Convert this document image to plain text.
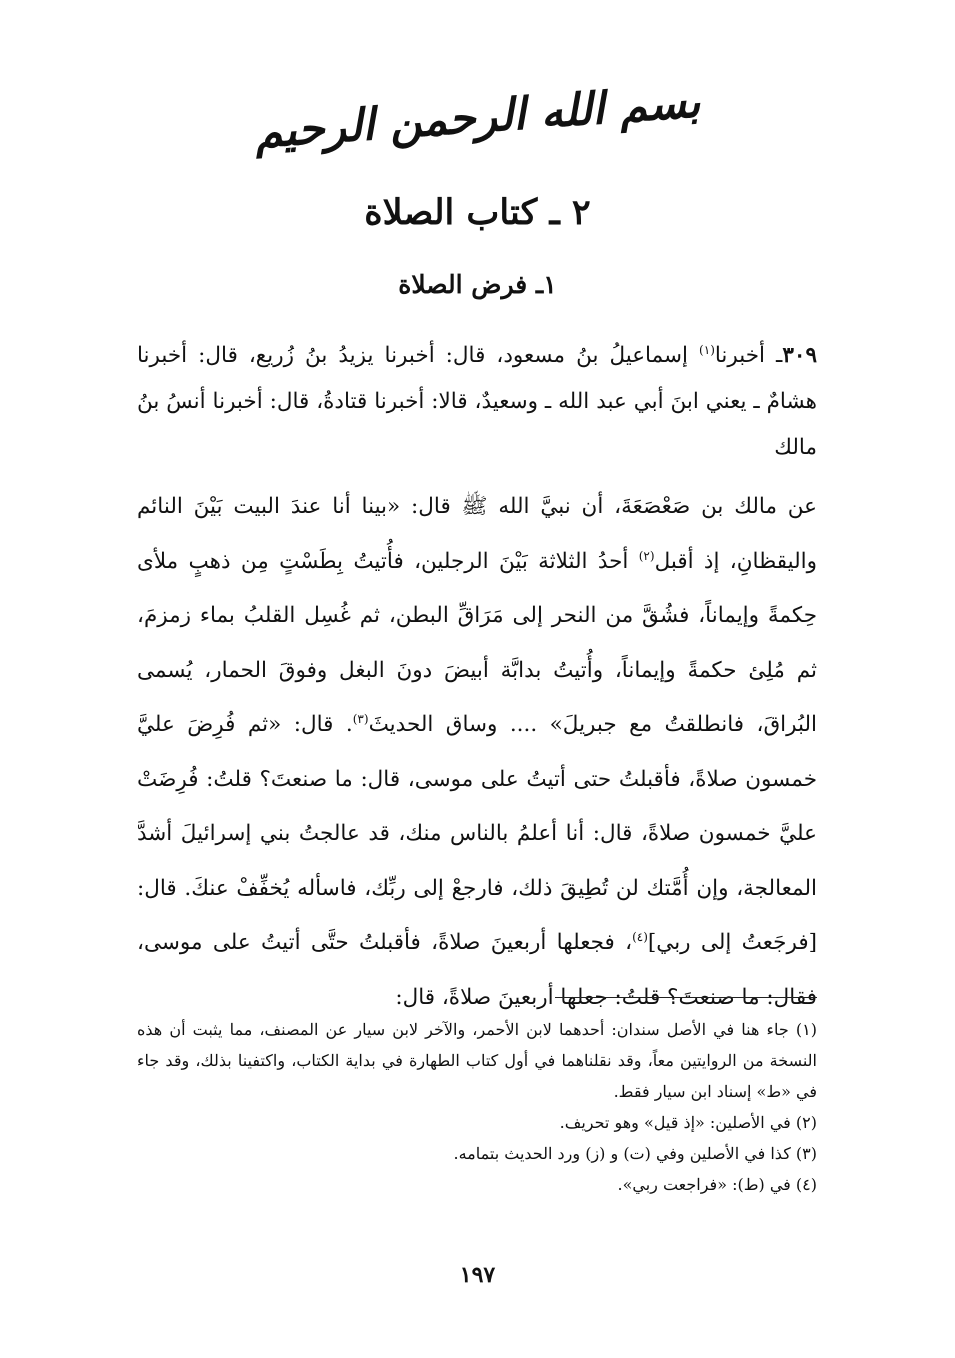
بسم الله الرحمن الرحيم
٢ ـ كتاب الصلاة
١ـ فرض الصلاة
٣٠٩ـ أخبرنا$^{(١)}$ إسماعيلُ بنُ مسعود، قال: أخبرنا يزيدُ بنُ زُريع، قال: أخبرنا هشامٌ ـ يعني ابنَ أبي عبد الله ـ وسعيدٌ، قالا: أخبرنا قتادةُ، قال: أخبرنا أنسُ بنُ مالك
عن مالك بن صَعْصَعَةَ، أن نبيَّ الله ﷺ قال: «بينا أنا عندَ البيت بَيْنَ النائم واليقظانِ، إذ أقبل$^{(٢)}$ أحدُ الثلاثة بَيْنَ الرجلين، فأُتيتُ بِطَسْتٍ مِن ذهبٍ ملأى حِكمةً وإيماناً، فشُقَّ من النحر إلى مَرَاقِّ البطن، ثم غُسِل القلبُ بماء زمزمَ، ثم مُلِئ حكمةً وإيماناً، وأُتيتُ بدابَّة أبيضَ دونَ البغل وفوقَ الحمار، يُسمى البُراقَ، فانطلقتُ مع جبريلَ» .... وساق الحديثَ$^{(٣)}$. قال: «ثم فُرِضَ عليَّ خمسون صلاةً، فأقبلتُ حتى أتيتُ على موسى، قال: ما صنعتَ؟ قلتُ: فُرِضَتْ عليَّ خمسون صلاةً، قال: أنا أعلمُ بالناس منك، قد عالجتُ بني إسرائيلَ أشدَّ المعالجة، وإن أُمَّتك لن تُطِيقَ ذلك، فارجعْ إلى ربِّك، فاسأله يُخفِّفْ عنكَ. قال: [فرجَعتُ إلى ربي]$^{(٤)}$، فجعلها أربعينَ صلاةً، فأقبلتُ حتَّى أتيتُ على موسى، فقال: ما صنعتَ؟ قلتُ: جعلها أربعينَ صلاةً، قال:
(١) جاء هنا في الأصل سندان: أحدهما لابن الأحمر، والآخر لابن سيار عن المصنف، مما يثبت أن هذه النسخة من الروايتين معاً، وقد نقلناهما في أول كتاب الطهارة في بداية الكتاب، واكتفينا بذلك، وقد جاء في «ط» إسناد ابن سيار فقط.
(٢) في الأصلين: «إذ قيل» وهو تحريف.
(٣) كذا في الأصلين وفي (ت) و (ز) ورد الحديث بتمامه.
(٤) في (ط): «فراجعت ربي».
١٩٧
